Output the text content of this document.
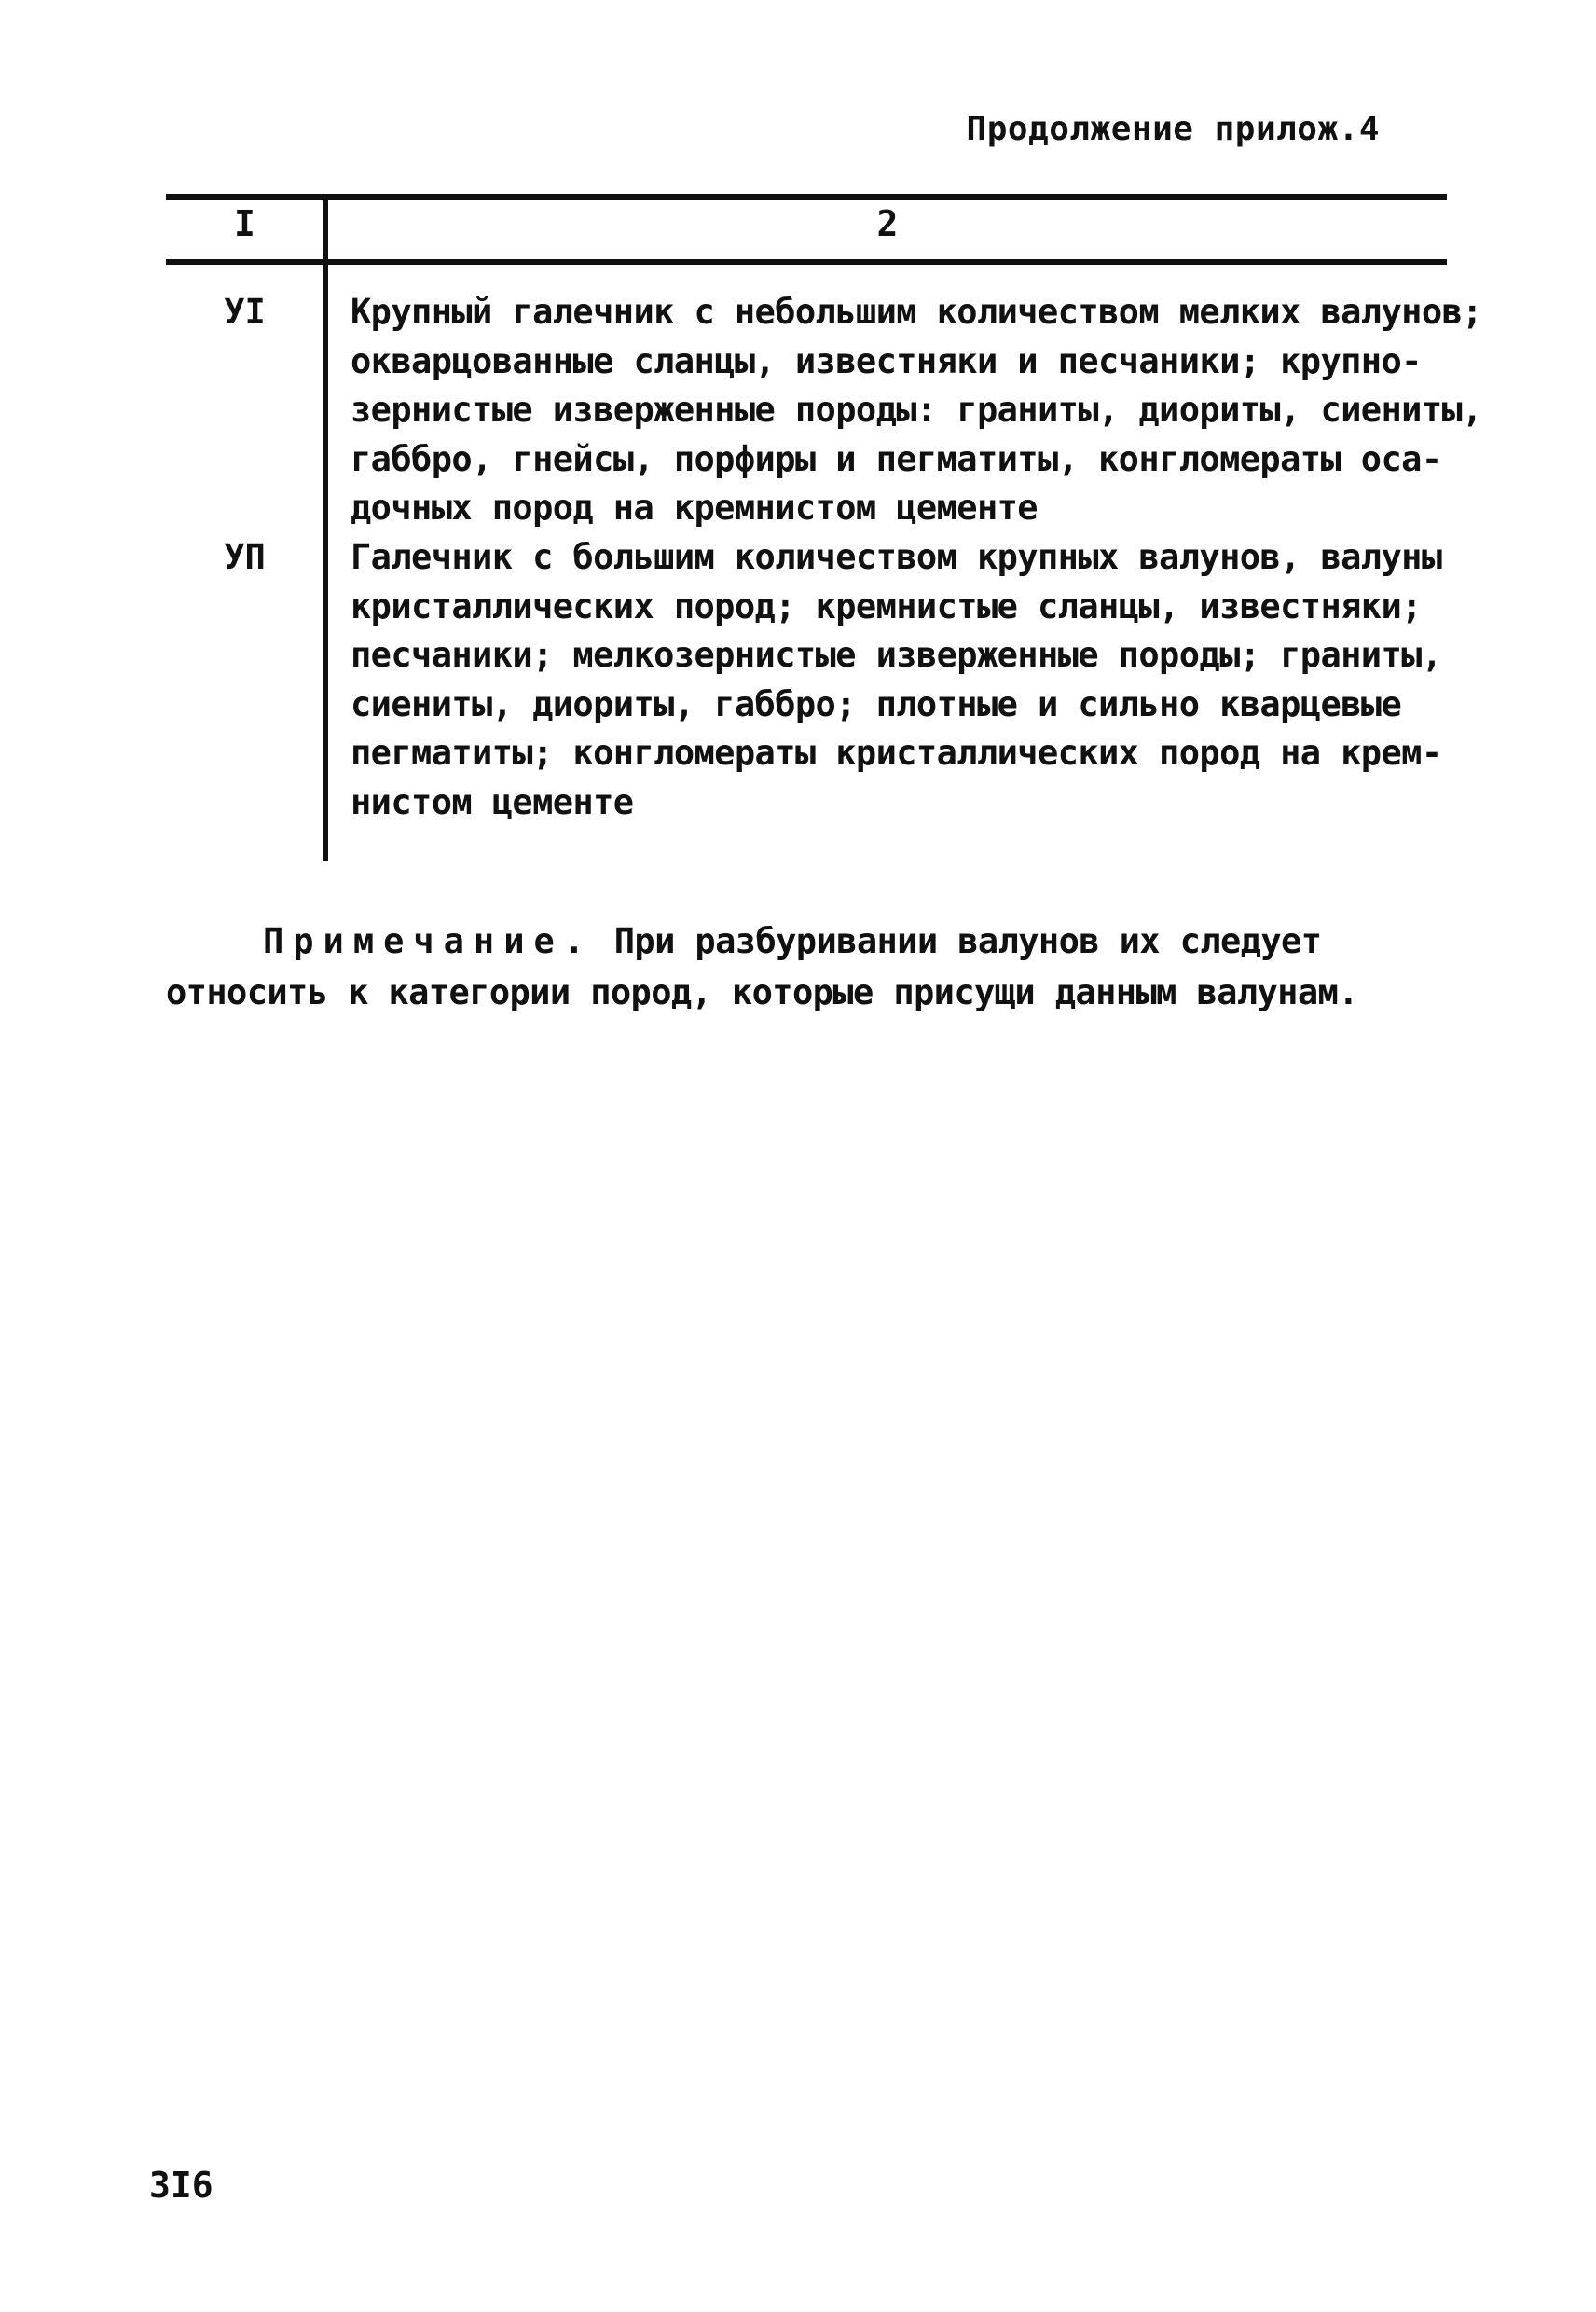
Продолжение прилож.4
I	2
УI	Крупный галечник с небольшим количеством мелких валунов;
окварцованные сланцы, известняки и песчаники; крупно-
зернистые изверженные породы: граниты, диориты, сиениты,
габбро, гнейсы, порфиры и пегматиты, конгломераты оса-
дочных пород на кремнистом цементе
УП	Галечник с большим количеством крупных валунов, валуны
кристаллических пород; кремнистые сланцы, известняки;
песчаники; мелкозернистые изверженные породы; граниты,
сиениты, диориты, габбро; плотные и сильно кварцевые
пегматиты; конгломераты кристаллических пород на крем-
нистом цементе
Примечание. При разбуривании валунов их следует
относить к категории пород, которые присущи данным валунам.
3I6
